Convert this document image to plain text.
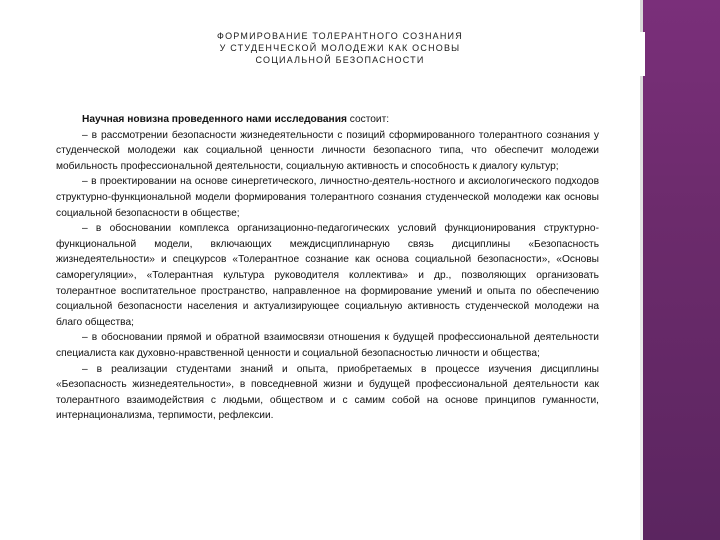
ФОРМИРОВАНИЕ ТОЛЕРАНТНОГО СОЗНАНИЯ
У СТУДЕНЧЕСКОЙ МОЛОДЕЖИ КАК ОСНОВЫ
СОЦИАЛЬНОЙ БЕЗОПАСНОСТИ

Научная новизна проведенного нами исследования состоит:

– в рассмотрении безопасности жизнедеятельности с позиций сформированного толерантного сознания у студенческой молодежи как социальной ценности личности безопасного типа, что обеспечит молодежи мобильность профессиональной деятельности, социальную активность и способность к диалогу культур;

– в проектировании на основе синергетического, личностно-деятель-ностного и аксиологического подходов структурно-функциональной модели формирования толерантного сознания студенческой молодежи как основы социальной безопасности в обществе;

– в обосновании комплекса организационно-педагогических условий функционирования структурно-функциональной модели, включающих междисциплинарную связь дисциплины «Безопасность жизнедеятельности» и спецкурсов «Толерантное сознание как основа социальной безопасности», «Основы саморегуляции», «Толерантная культура руководителя коллектива» и др., позволяющих организовать толерантное воспитательное пространство, направленное на формирование умений и опыта по обеспечению социальной безопасности населения и актуализирующее социальную активность студенческой молодежи на благо общества;

– в обосновании прямой и обратной взаимосвязи отношения к будущей профессиональной деятельности специалиста как духовно-нравственной ценности и социальной безопасностью личности и общества;

– в реализации студентами знаний и опыта, приобретаемых в процессе изучения дисциплины «Безопасность жизнедеятельности», в повседневной жизни и будущей профессиональной деятельности как толерантного взаимодействия с людьми, обществом и с самим собой на основе принципов гуманности, интернационализма, терпимости, рефлексии.
